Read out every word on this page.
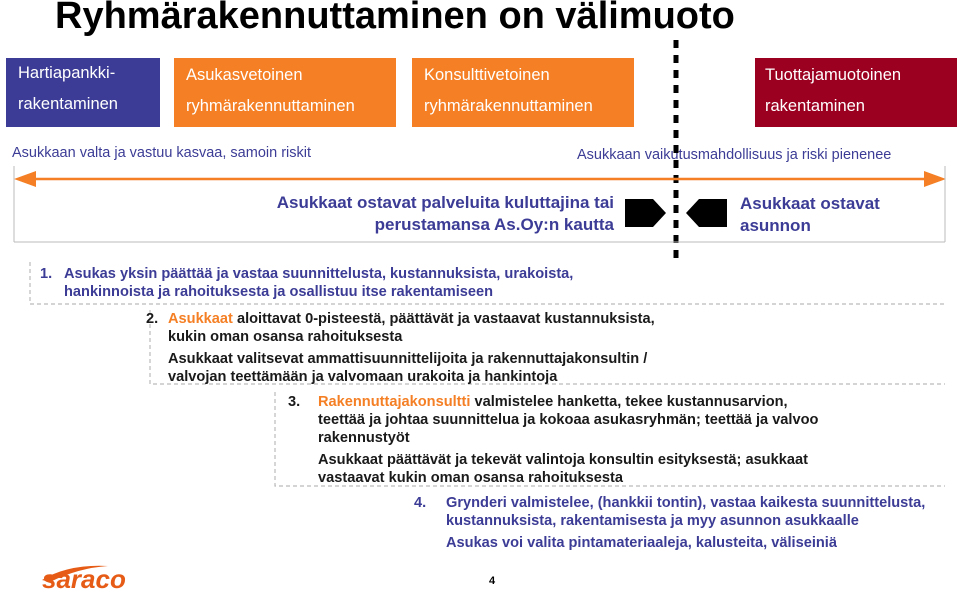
Ryhmärakennuttaminen on välimuoto
Hartiapankki-
rakentaminen
Asukasvetoinen
ryhmärakennuttaminen
Konsulttivetoinen
ryhmärakennuttaminen
Tuottajamuotoinen
rakentaminen
Asukkaan valta ja vastuu kasvaa, samoin riskit	Asukkaan vaikutusmahdollisuus ja riski pienenee
Asukkaat ostavat palveluita kuluttajina tai
perustamansa As.Oy:n kautta
Asukkaat ostavat
asunnon
1. Asukas yksin päättää ja vastaa suunnittelusta, kustannuksista, urakoista,
hankinnoista ja rahoituksesta ja osallistuu itse rakentamiseen
2. Asukkaat aloittavat 0-pisteestä, päättävät ja vastaavat kustannuksista,
kukin oman osansa rahoituksesta
Asukkaat valitsevat ammattisuunnittelijoita ja rakennuttajakonsultin /
valvojan teettämään ja valvomaan urakoita ja hankintoja
3. Rakennuttajakonsultti valmistelee hanketta, tekee kustannusarvion,
teettää ja johtaa suunnittelua ja kokoaa asukasryhmän; teettää ja valvoo
rakennustyöt
Asukkaat päättävät ja tekevät valintoja konsultin esityksestä; asukkaat
vastaavat kukin oman osansa rahoituksesta
4. Grynderi valmistelee, (hankkii tontin), vastaa kaikesta suunnittelusta,
kustannuksista, rakentamisesta ja myy asunnon asukkaalle
Asukas voi valita pintamateriaaleja, kalusteita, väliseiniä
saraco	4
